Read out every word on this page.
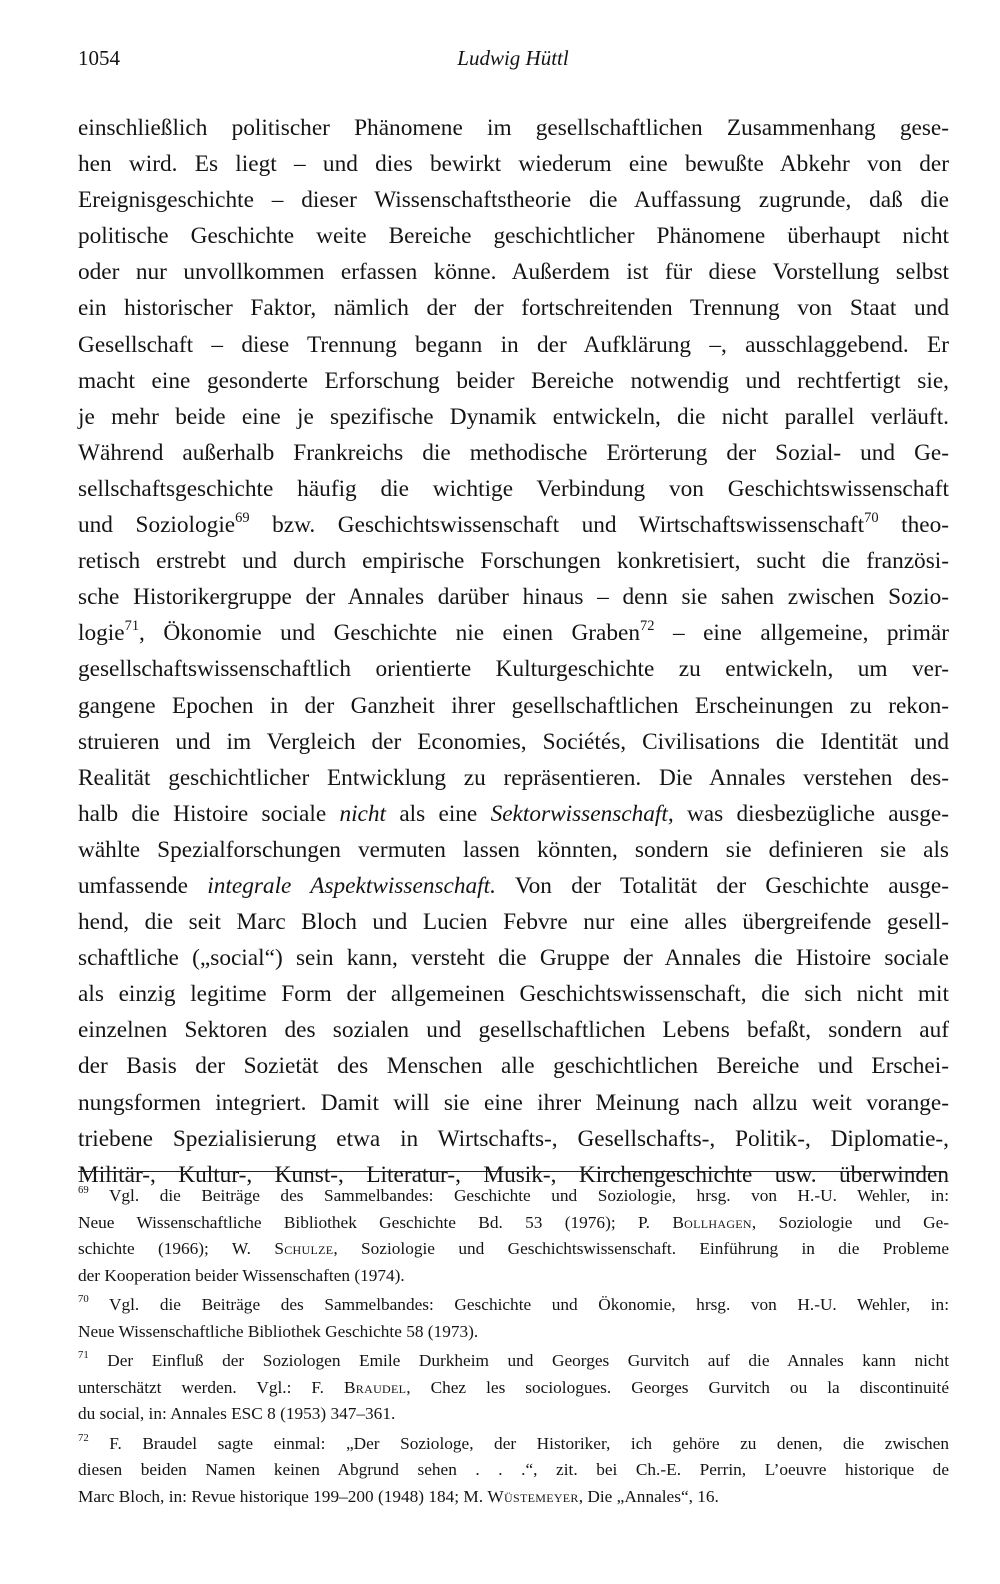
1054	Ludwig Hüttl
einschließlich politischer Phänomene im gesellschaftlichen Zusammenhang gese-
hen wird. Es liegt – und dies bewirkt wiederum eine bewußte Abkehr von der
Ereignisgeschichte – dieser Wissenschaftstheorie die Auffassung zugrunde, daß die
politische Geschichte weite Bereiche geschichtlicher Phänomene überhaupt nicht
oder nur unvollkommen erfassen könne. Außerdem ist für diese Vorstellung selbst
ein historischer Faktor, nämlich der der fortschreitenden Trennung von Staat und
Gesellschaft – diese Trennung begann in der Aufklärung –, ausschlaggebend. Er
macht eine gesonderte Erforschung beider Bereiche notwendig und rechtfertigt sie,
je mehr beide eine je spezifische Dynamik entwickeln, die nicht parallel verläuft.
Während außerhalb Frankreichs die methodische Erörterung der Sozial- und Ge-
sellschaftsgeschichte häufig die wichtige Verbindung von Geschichtswissenschaft
und Soziologie$^{69}$ bzw. Geschichtswissenschaft und Wirtschaftswissenschaft$^{70}$ theo-
retisch erstrebt und durch empirische Forschungen konkretisiert, sucht die französi-
sche Historikergruppe der Annales darüber hinaus – denn sie sahen zwischen Sozio-
logie$^{71}$, Ökonomie und Geschichte nie einen Graben$^{72}$ – eine allgemeine, primär
gesellschaftswissenschaftlich orientierte Kulturgeschichte zu entwickeln, um ver-
gangene Epochen in der Ganzheit ihrer gesellschaftlichen Erscheinungen zu rekon-
struieren und im Vergleich der Economies, Sociétés, Civilisations die Identität und
Realität geschichtlicher Entwicklung zu repräsentieren. Die Annales verstehen des-
halb die Histoire sociale nicht als eine Sektorwissenschaft, was diesbezügliche ausge-
wählte Spezialforschungen vermuten lassen könnten, sondern sie definieren sie als
umfassende integrale Aspektwissenschaft. Von der Totalität der Geschichte ausge-
hend, die seit Marc Bloch und Lucien Febvre nur eine alles übergreifende gesell-
schaftliche („social“) sein kann, versteht die Gruppe der Annales die Histoire sociale
als einzig legitime Form der allgemeinen Geschichtswissenschaft, die sich nicht mit
einzelnen Sektoren des sozialen und gesellschaftlichen Lebens befaßt, sondern auf
der Basis der Sozietät des Menschen alle geschichtlichen Bereiche und Erschei-
nungsformen integriert. Damit will sie eine ihrer Meinung nach allzu weit vorange-
triebene Spezialisierung etwa in Wirtschafts-, Gesellschafts-, Politik-, Diplomatie-,
Militär-, Kultur-, Kunst-, Literatur-, Musik-, Kirchengeschichte usw. überwinden
$^{69}$ Vgl. die Beiträge des Sammelbandes: Geschichte und Soziologie, hrsg. von H.-U. Wehler, in:
Neue Wissenschaftliche Bibliothek Geschichte Bd. 53 (1976); P. Bollhagen, Soziologie und Ge-
schichte (1966); W. Schulze, Soziologie und Geschichtswissenschaft. Einführung in die Probleme
der Kooperation beider Wissenschaften (1974).
$^{70}$ Vgl. die Beiträge des Sammelbandes: Geschichte und Ökonomie, hrsg. von H.-U. Wehler, in:
Neue Wissenschaftliche Bibliothek Geschichte 58 (1973).
$^{71}$ Der Einfluß der Soziologen Emile Durkheim und Georges Gurvitch auf die Annales kann nicht
unterschätzt werden. Vgl.: F. Braudel, Chez les sociologues. Georges Gurvitch ou la discontinuité
du social, in: Annales ESC 8 (1953) 347–361.
$^{72}$ F. Braudel sagte einmal: „Der Soziologe, der Historiker, ich gehöre zu denen, die zwischen
diesen beiden Namen keinen Abgrund sehen . . .“, zit. bei Ch.-E. Perrin, L’oeuvre historique de
Marc Bloch, in: Revue historique 199–200 (1948) 184; M. Wüstemeyer, Die „Annales“, 16.
